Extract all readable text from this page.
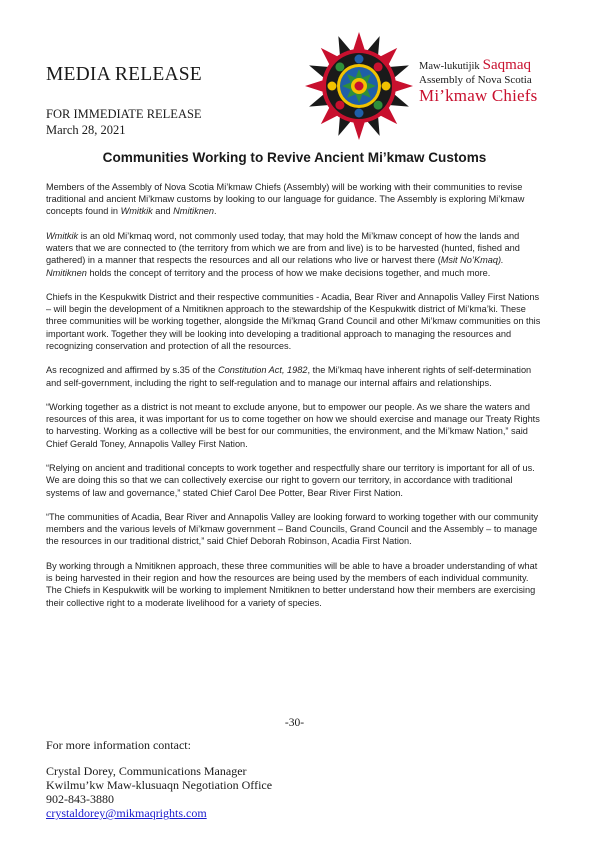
MEDIA RELEASE
FOR IMMEDIATE RELEASE
March 28, 2021
Maw-lukutijik Saqmaq
Assembly of Nova Scotia
Mi’kmaw Chiefs
Communities Working to Revive Ancient Mi’kmaw Customs

Members of the Assembly of Nova Scotia Mi’kmaw Chiefs (Assembly) will be working with their communities to revise traditional and ancient Mi’kmaw customs by looking to our language for guidance. The Assembly is exploring Mi’kmaw concepts found in Wmitkik and Nmitiknen.

Wmitkik is an old Mi’kmaq word, not commonly used today, that may hold the Mi’kmaw concept of how the lands and waters that we are connected to (the territory from which we are from and live) is to be harvested (hunted, fished and gathered) in a manner that respects the resources and all our relations who live or harvest there (Msit No’Kmaq). Nmitiknen holds the concept of territory and the process of how we make decisions together, and much more.

Chiefs in the Kespukwitk District and their respective communities - Acadia, Bear River and Annapolis Valley First Nations – will begin the development of a Nmitiknen approach to the stewardship of the Kespukwitk district of Mi’kma’ki. These three communities will be working together, alongside the Mi’kmaq Grand Council and other Mi’kmaw communities on this important work. Together they will be looking into developing a traditional approach to managing the resources and recognizing conservation and protection of all the resources.

As recognized and affirmed by s.35 of the Constitution Act, 1982, the Mi’kmaq have inherent rights of self-determination and self-government, including the right to self-regulation and to manage our internal affairs and relationships.

“Working together as a district is not meant to exclude anyone, but to empower our people. As we share the waters and resources of this area, it was important for us to come together on how we should exercise and manage our Treaty Rights to harvesting. Working as a collective will be best for our communities, the environment, and the Mi’kmaw Nation,” said Chief Gerald Toney, Annapolis Valley First Nation.

“Relying on ancient and traditional concepts to work together and respectfully share our territory is important for all of us. We are doing this so that we can collectively exercise our right to govern our territory, in accordance with traditional systems of law and governance,” stated Chief Carol Dee Potter, Bear River First Nation.

“The communities of Acadia, Bear River and Annapolis Valley are looking forward to working together with our community members and the various levels of Mi’kmaw government – Band Councils, Grand Council and the Assembly – to manage the resources in our traditional district,” said Chief Deborah Robinson, Acadia First Nation.

By working through a Nmitiknen approach, these three communities will be able to have a broader understanding of what is being harvested in their region and how the resources are being used by the members of each individual community. The Chiefs in Kespukwitk will be working to implement Nmitiknen to better understand how their members are exercising their collective right to a moderate livelihood for a variety of species.

-30-
For more information contact:
Crystal Dorey, Communications Manager
Kwilmu’kw Maw-klusuaqn Negotiation Office
902-843-3880
crystaldorey@mikmaqrights.com
